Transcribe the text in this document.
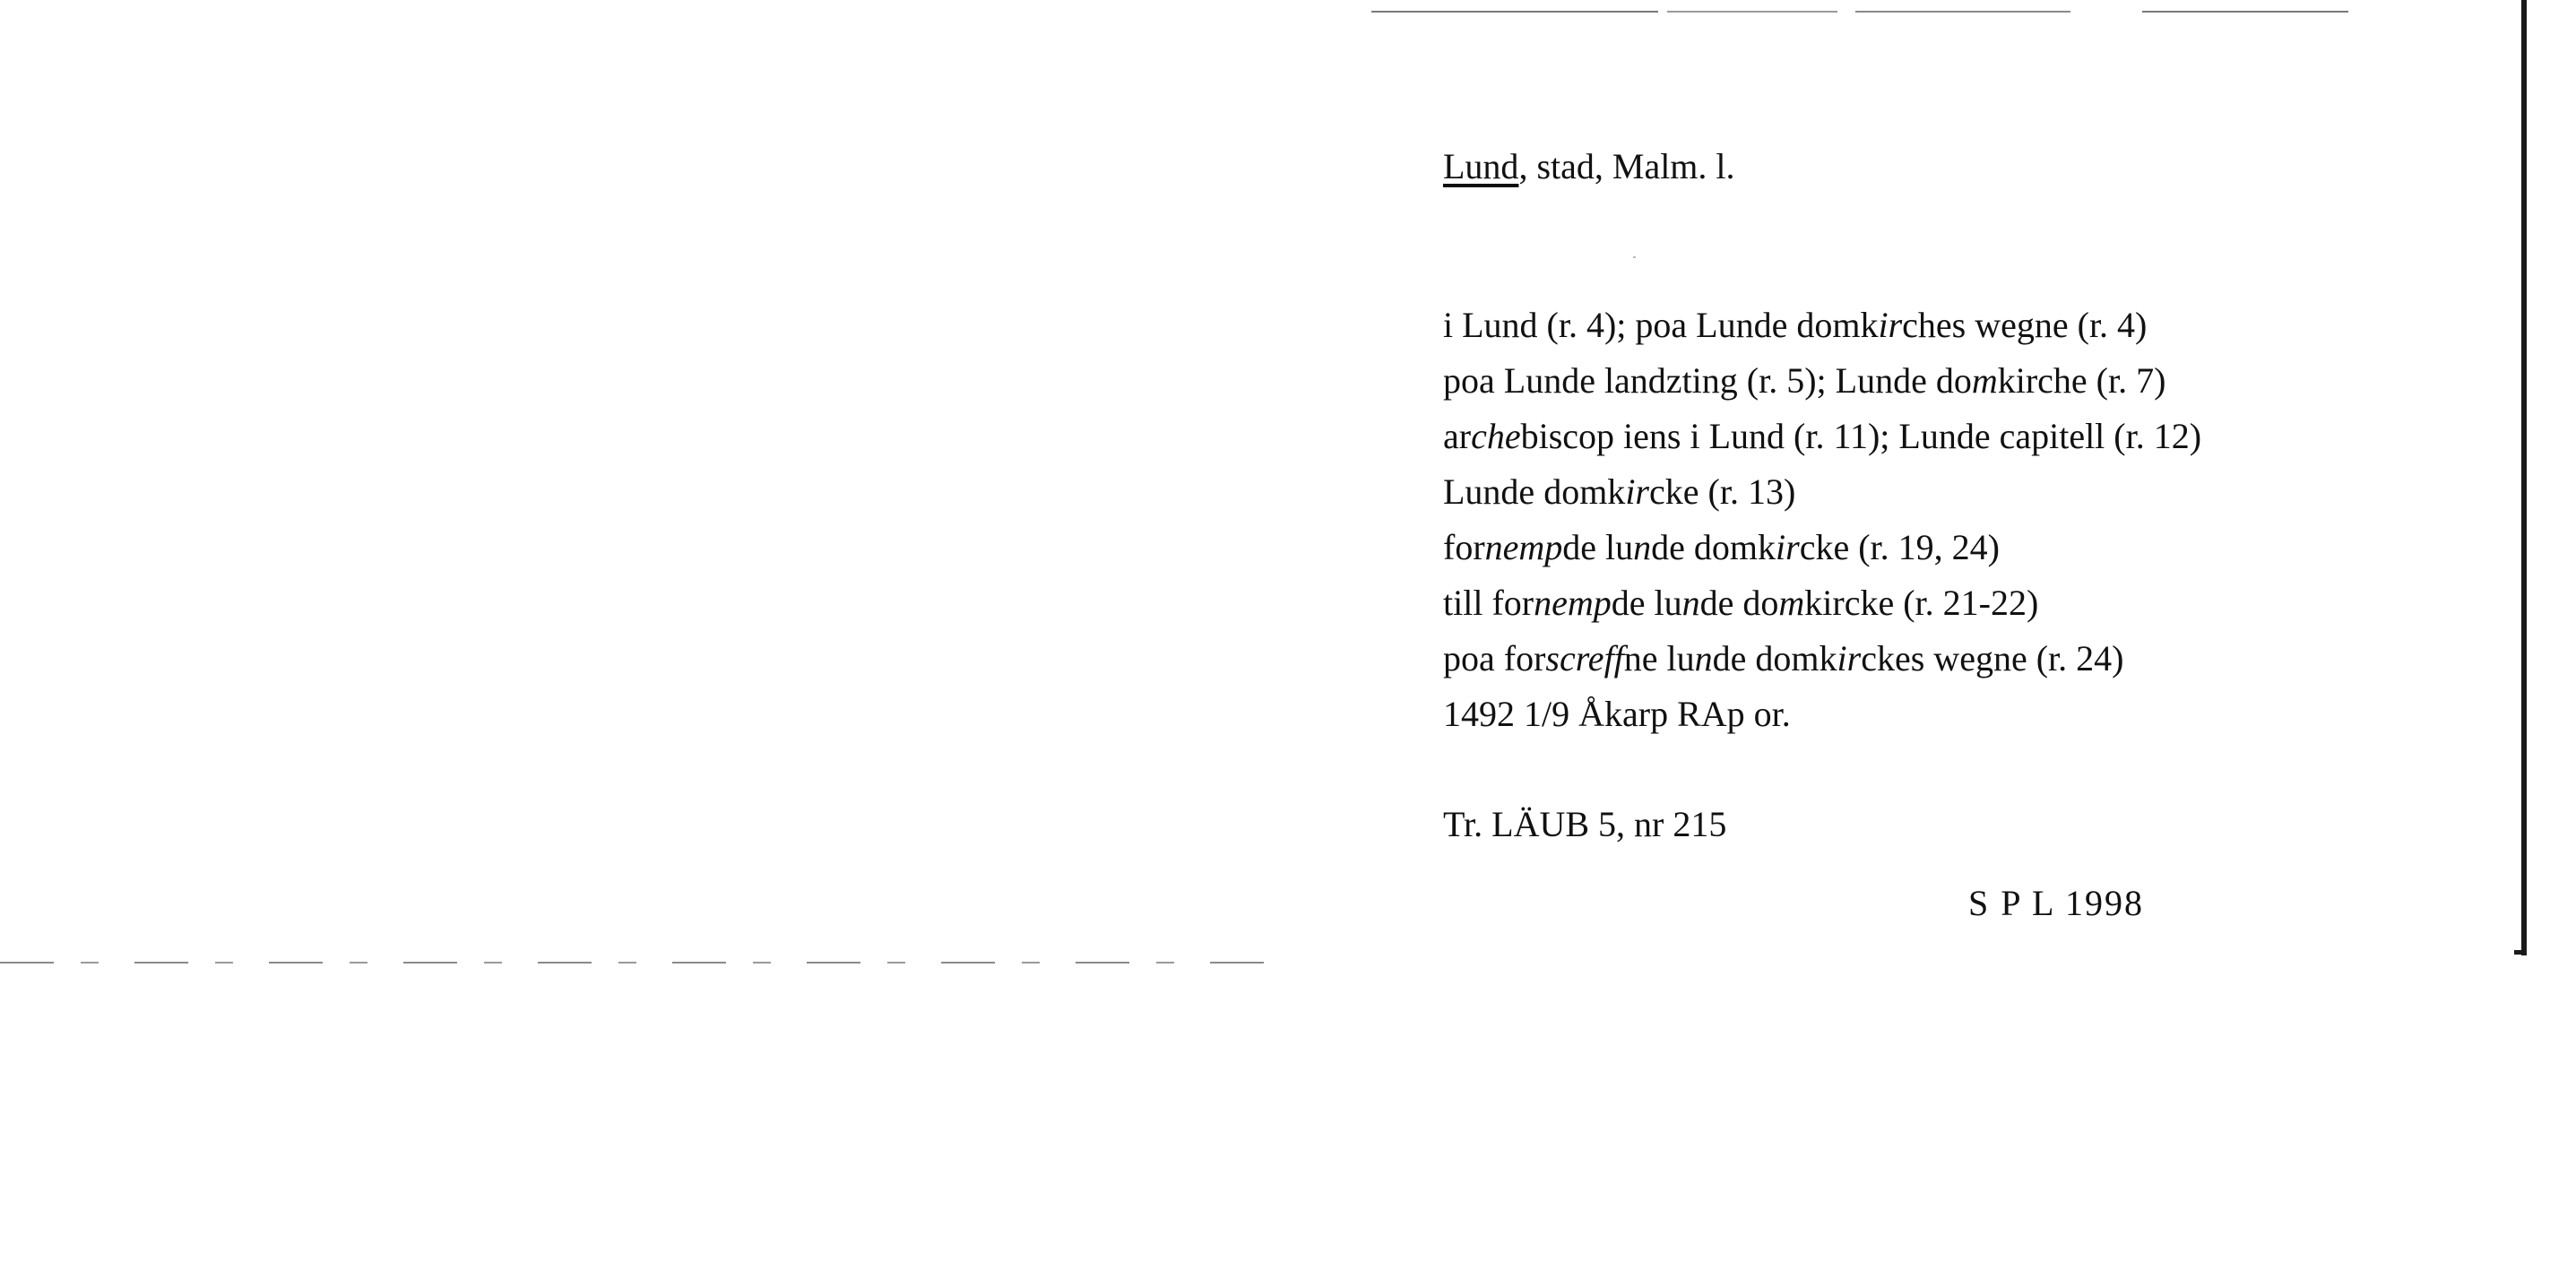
Lund, stad, Malm. l.

i Lund (r. 4); poa Lunde domkirches wegne (r. 4)
poa Lunde landzting (r. 5); Lunde domkirche (r. 7)
archebiscop iens i Lund (r. 11); Lunde capitell (r. 12)
Lunde domkircke (r. 13)
fornempde lunde domkircke (r. 19, 24)
till fornempde lunde domkircke (r. 21-22)
poa forscreffne lunde domkirckes wegne (r. 24)
1492 1/9 Åkarp RAp or.
Tr. LÄUB 5, nr 215
S P L 1998
